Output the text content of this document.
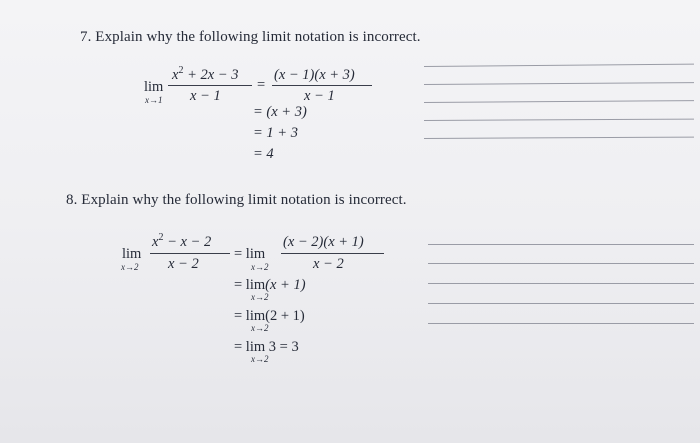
7. Explain why the following limit notation is incorrect.
lim
x→1
$x^2 + 2x - 3$
x − 1
=
(x − 1)(x + 3)
x − 1
= (x + 3)
= 1 + 3
= 4
8. Explain why the following limit notation is incorrect.
lim
x→2
$x^2 - x - 2$
x − 2
= lim
x→2
(x − 2)(x + 1)
x − 2
= lim(x + 1)
x→2
= lim(2 + 1)
x→2
= lim 3 = 3
x→2
